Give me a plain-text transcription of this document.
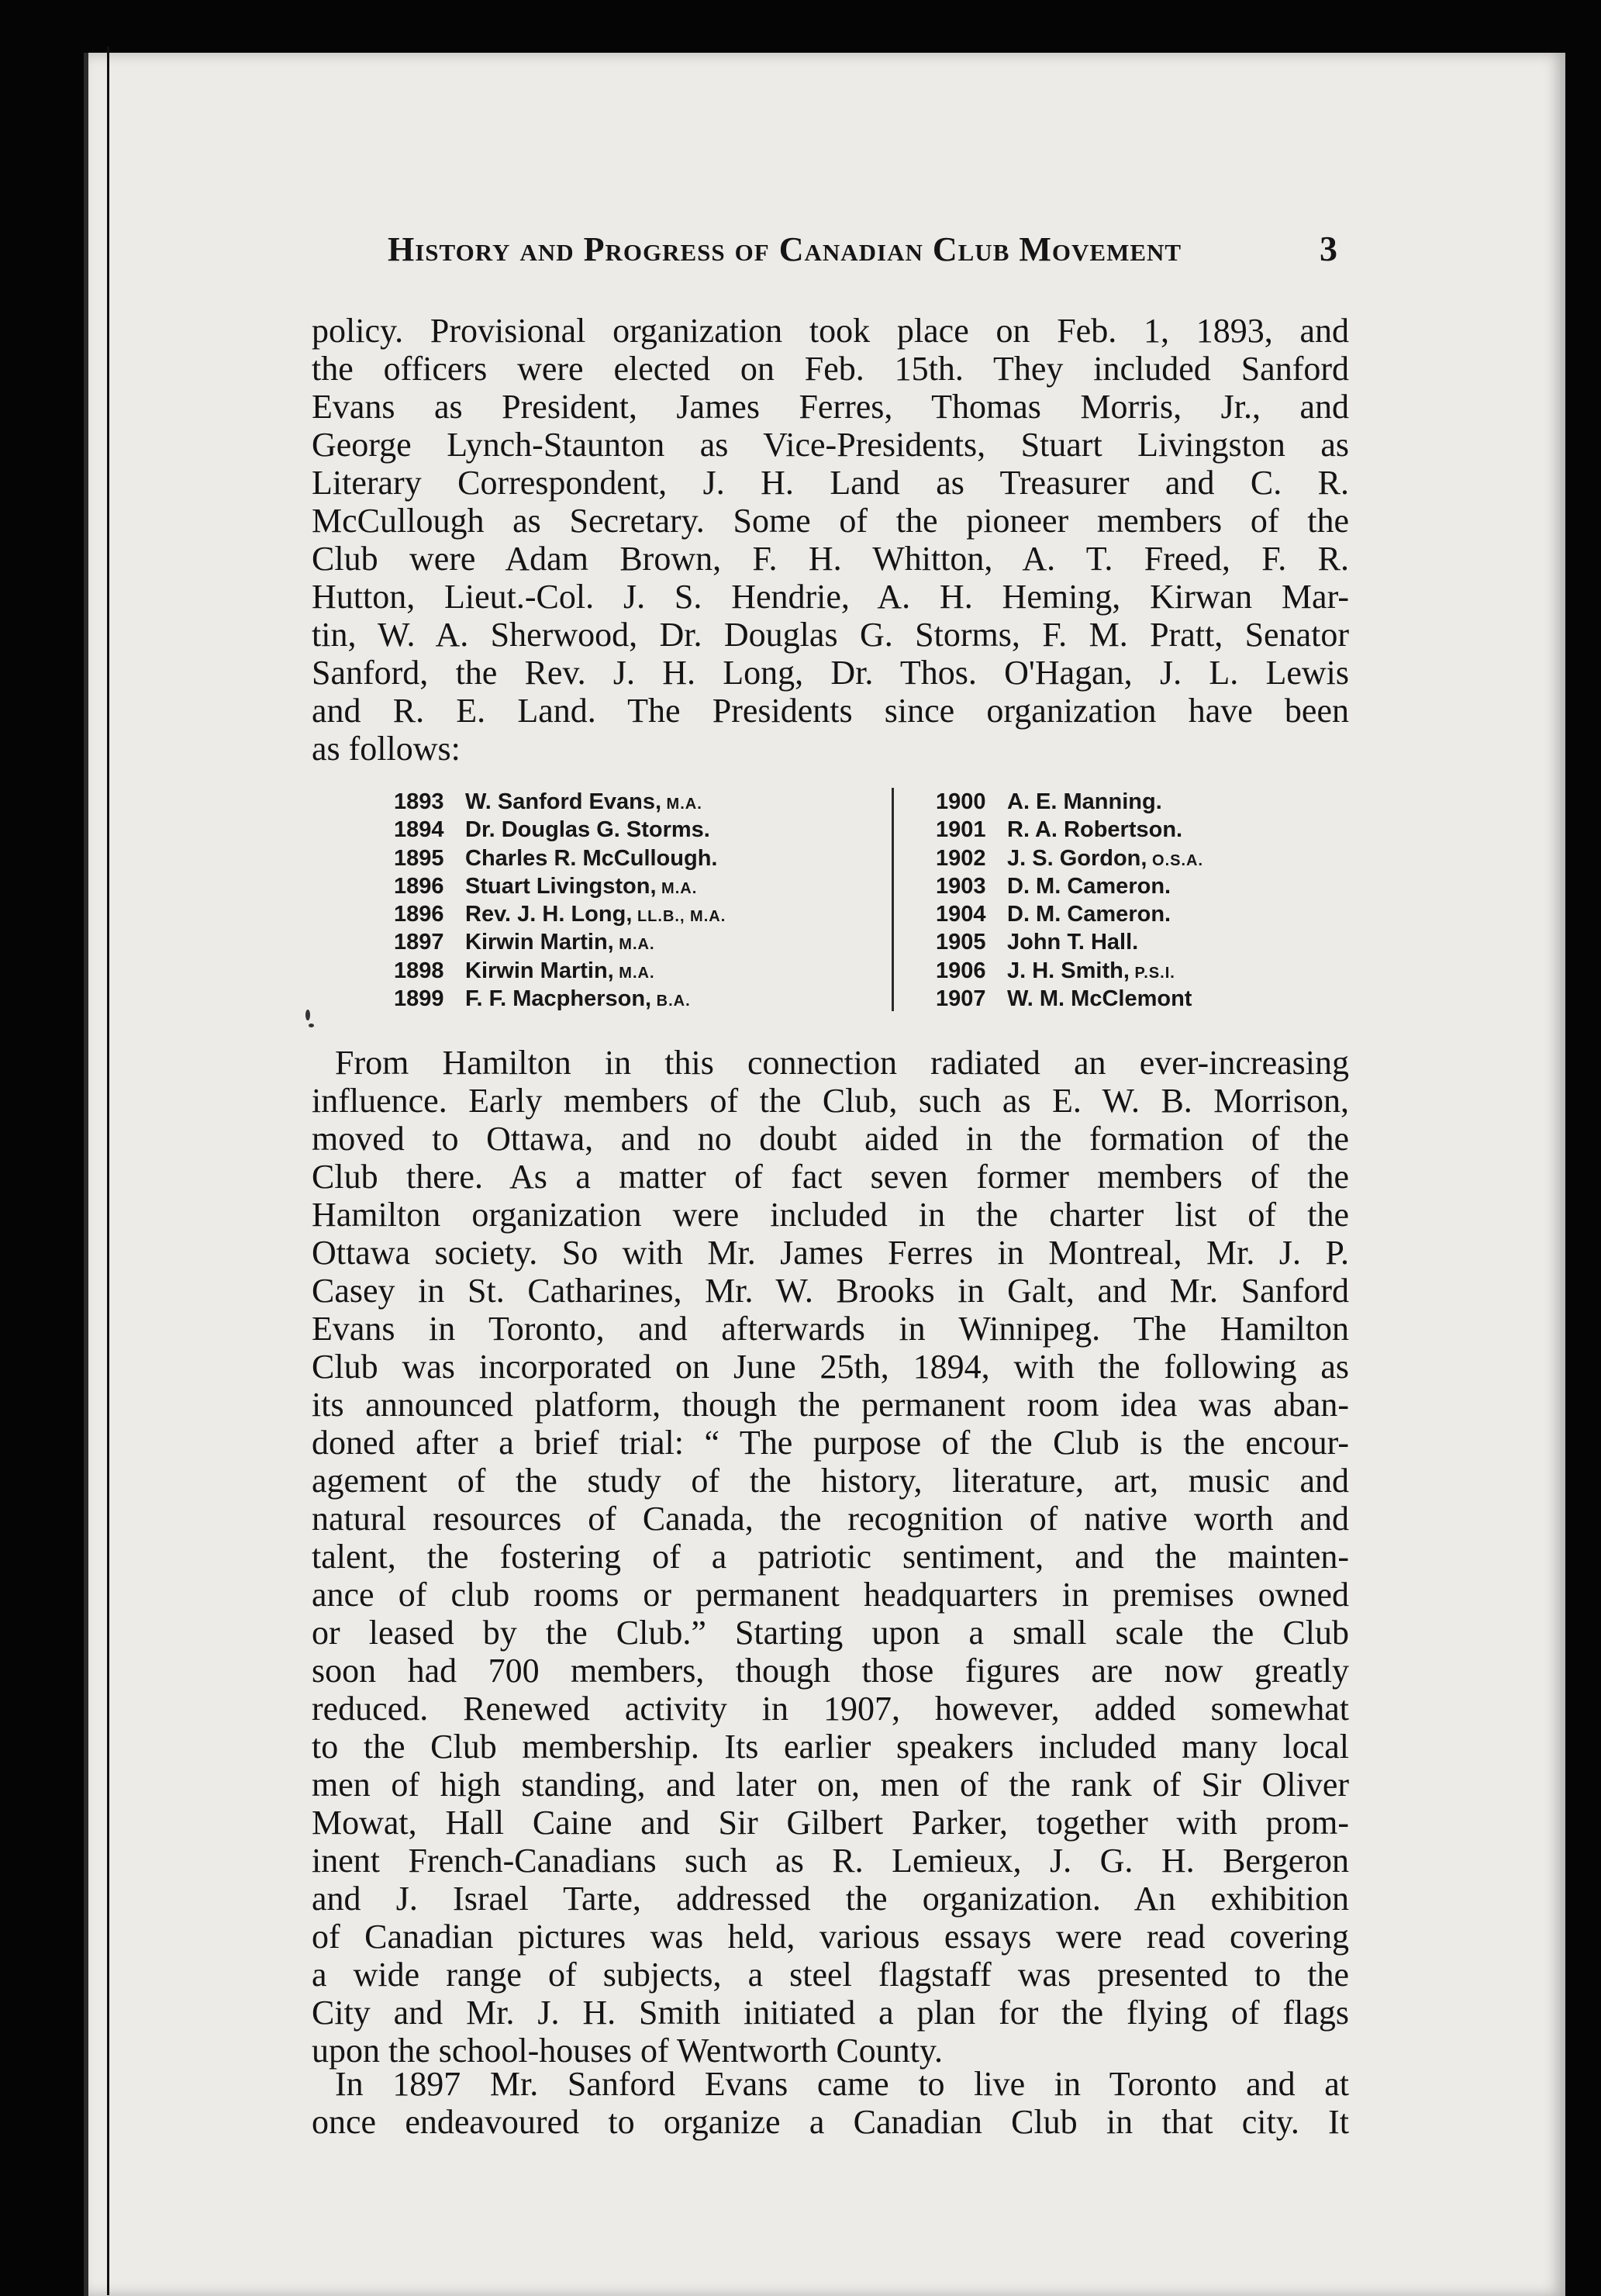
History and Progress of Canadian Club Movement	3
policy. Provisional organization took place on Feb. 1, 1893, and
the officers were elected on Feb. 15th. They included Sanford
Evans as President, James Ferres, Thomas Morris, Jr., and
George Lynch-Staunton as Vice-Presidents, Stuart Livingston as
Literary Correspondent, J. H. Land as Treasurer and C. R.
McCullough as Secretary. Some of the pioneer members of the
Club were Adam Brown, F. H. Whitton, A. T. Freed, F. R.
Hutton, Lieut.-Col. J. S. Hendrie, A. H. Heming, Kirwan Mar-
tin, W. A. Sherwood, Dr. Douglas G. Storms, F. M. Pratt, Senator
Sanford, the Rev. J. H. Long, Dr. Thos. O'Hagan, J. L. Lewis
and R. E. Land. The Presidents since organization have been
as follows:
1893 W. Sanford Evans, M.A.
1894 Dr. Douglas G. Storms.
1895 Charles R. McCullough.
1896 Stuart Livingston, M.A.
1896 Rev. J. H. Long, LL.B., M.A.
1897 Kirwin Martin, M.A.
1898 Kirwin Martin, M.A.
1899 F. F. Macpherson, B.A.
1900 A. E. Manning.
1901 R. A. Robertson.
1902 J. S. Gordon, O.S.A.
1903 D. M. Cameron.
1904 D. M. Cameron.
1905 John T. Hall.
1906 J. H. Smith, P.S.I.
1907 W. M. McClemont
From Hamilton in this connection radiated an ever-increasing
influence. Early members of the Club, such as E. W. B. Morrison,
moved to Ottawa, and no doubt aided in the formation of the
Club there. As a matter of fact seven former members of the
Hamilton organization were included in the charter list of the
Ottawa society. So with Mr. James Ferres in Montreal, Mr. J. P.
Casey in St. Catharines, Mr. W. Brooks in Galt, and Mr. Sanford
Evans in Toronto, and afterwards in Winnipeg. The Hamilton
Club was incorporated on June 25th, 1894, with the following as
its announced platform, though the permanent room idea was aban-
doned after a brief trial: “ The purpose of the Club is the encour-
agement of the study of the history, literature, art, music and
natural resources of Canada, the recognition of native worth and
talent, the fostering of a patriotic sentiment, and the mainten-
ance of club rooms or permanent headquarters in premises owned
or leased by the Club.” Starting upon a small scale the Club
soon had 700 members, though those figures are now greatly
reduced. Renewed activity in 1907, however, added somewhat
to the Club membership. Its earlier speakers included many local
men of high standing, and later on, men of the rank of Sir Oliver
Mowat, Hall Caine and Sir Gilbert Parker, together with prom-
inent French-Canadians such as R. Lemieux, J. G. H. Bergeron
and J. Israel Tarte, addressed the organization. An exhibition
of Canadian pictures was held, various essays were read covering
a wide range of subjects, a steel flagstaff was presented to the
City and Mr. J. H. Smith initiated a plan for the flying of flags
upon the school-houses of Wentworth County.
In 1897 Mr. Sanford Evans came to live in Toronto and at
once endeavoured to organize a Canadian Club in that city. It
